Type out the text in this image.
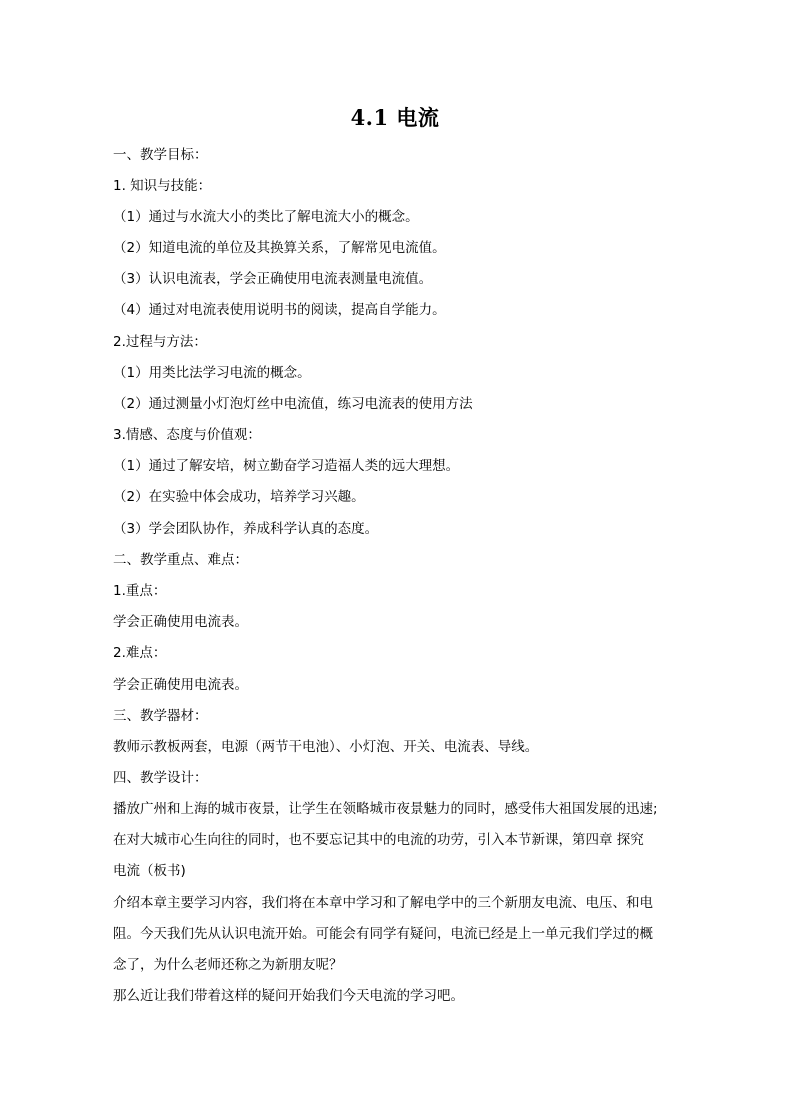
4.1 电流
一、教学目标：
1. 知识与技能：
（1）通过与水流大小的类比了解电流大小的概念。
（2）知道电流的单位及其换算关系，了解常见电流值。
（3）认识电流表，学会正确使用电流表测量电流值。
（4）通过对电流表使用说明书的阅读，提高自学能力。
2.过程与方法：
（1）用类比法学习电流的概念。
（2）通过测量小灯泡灯丝中电流值，练习电流表的使用方法
3.情感、态度与价值观：
（1）通过了解安培，树立勤奋学习造福人类的远大理想。
（2）在实验中体会成功，培养学习兴趣。
（3）学会团队协作，养成科学认真的态度。
二、教学重点、难点：
1.重点：
学会正确使用电流表。
2.难点：
学会正确使用电流表。
三、教学器材：
教师示教板两套，电源（两节干电池）、小灯泡、开关、电流表、导线。
四、教学设计：
播放广州和上海的城市夜景，让学生在领略城市夜景魅力的同时，感受伟大祖国发展的迅速;
在对大城市心生向往的同时，也不要忘记其中的电流的功劳，引入本节新课，第四章 探究
电流（板书)
介绍本章主要学习内容，我们将在本章中学习和了解电学中的三个新朋友电流、电压、和电
阻。今天我们先从认识电流开始。可能会有同学有疑问，电流已经是上一单元我们学过的概
念了，为什么老师还称之为新朋友呢？
那么近让我们带着这样的疑问开始我们今天电流的学习吧。
